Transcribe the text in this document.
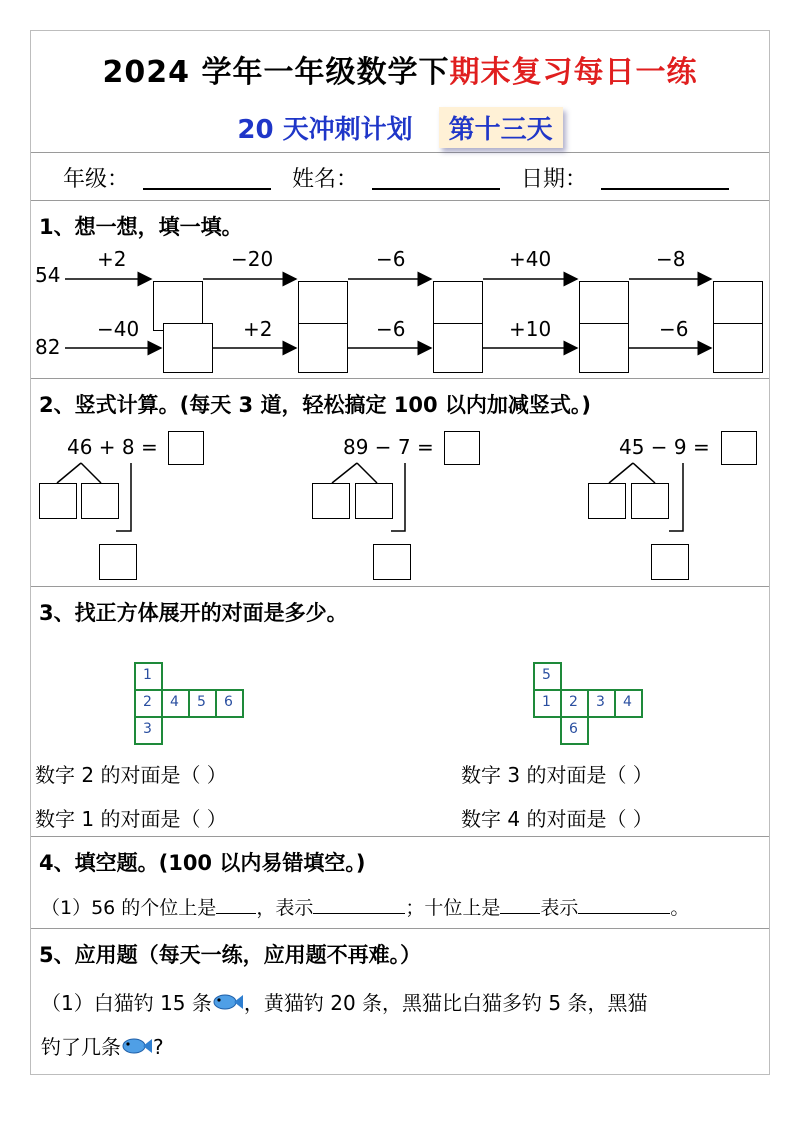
2024 学年一年级数学下期末复习每日一练
20 天冲刺计划 第十三天
年级：	姓名：	日期：
1、想一想，填一填。
54
82
+2	−20	−6	+40	−8
−40	+2	−6	+10	−6
2、竖式计算。(每天 3 道，轻松搞定 100 以内加减竖式。)
46 + 8 =	89 − 7 =	45 − 9 =
3、找正方体展开的对面是多少。
1
2 4 5 6
3
5
1 2 3 4
6
数字 2 的对面是（ ）	数字 3 的对面是（ ）
数字 1 的对面是（ ）	数字 4 的对面是（ ）
4、填空题。(100 以内易错填空。)
（1）56 的个位上是 ，表示	；十位上是 表示	。
5、应用题（每天一练，应用题不再难。）
（1）白猫钓 15 条 ，黄猫钓 20 条，黑猫比白猫多钓 5 条，黑猫
钓了几条 ?
